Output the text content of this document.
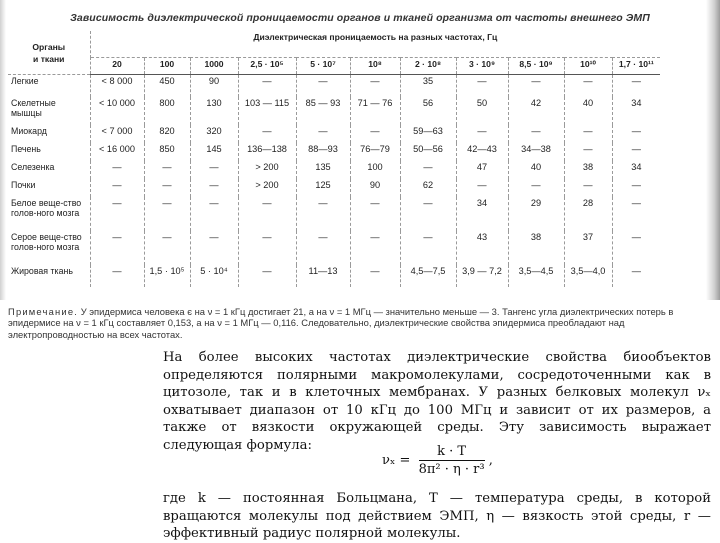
Зависимость диэлектрической проницаемости органов и тканей организма от частоты внешнего ЭМП
Органы
и ткани	Диэлектрическая проницаемость на разных частотах, Гц										
	20	100	1000	2,5 · 10⁵	5 · 10⁷	10⁸	2 · 10⁸	3 · 10⁹	8,5 · 10⁹	10¹⁰	1,7 · 10¹¹
Легкие	< 8 000	450	90	—	—	—	35	—	—	—	—
Скелетные мышцы	< 10 000	800	130	103 — 115	85 — 93	71 — 76	56	50	42	40	34
Миокард	< 7 000	820	320	—	—	—	59—63	—	—	—	—
Печень	< 16 000	850	145	136—138	88—93	76—79	50—56	42—43	34—38	—	—
Селезенка	—	—	—	> 200	135	100	—	47	40	38	34
Почки	—	—	—	> 200	125	90	62	—	—	—	—
Белое веще-ство голов-ного мозга	—	—	—	—	—	—	—	34	29	28	—
Серое веще-ство голов-ного мозга	—	—	—	—	—	—	—	43	38	37	—
Жировая ткань	—	1,5 · 10⁵	5 · 10⁴	—	11—13	—	4,5—7,5	3,9 — 7,2	3,5—4,5	3,5—4,0	—
Примечание. У эпидермиса человека є на ν = 1 кГц достигает 21, а на ν = 1 МГц — значительно меньше — 3. Тангенс угла диэлектрических потерь в эпидермисе на ν = 1 кГц составляет 0,153, а на ν = 1 МГц — 0,116. Следовательно, диэлектрические свойства эпидермиса преобладают над электропроводностью на всех частотах.
На более высоких частотах диэлектрические свойства биообъектов определяются полярными макромолекулами, сосредоточенными как в цитозоле, так и в клеточных мембранах. У разных белковых молекул νₓ охватывает диапазон от 10 кГц до 100 МГц и зависит от их размеров, а также от вязкости окружающей среды. Эту зависимость выражает следующая формула:
$\nu_x = \frac{k \cdot T}{\text{8π² · η · r³}}$ ,
где k — постоянная Больцмана, T — температура среды, в которой вращаются молекулы под действием ЭМП, η — вязкость этой среды, r — эффективный радиус полярной молекулы.
